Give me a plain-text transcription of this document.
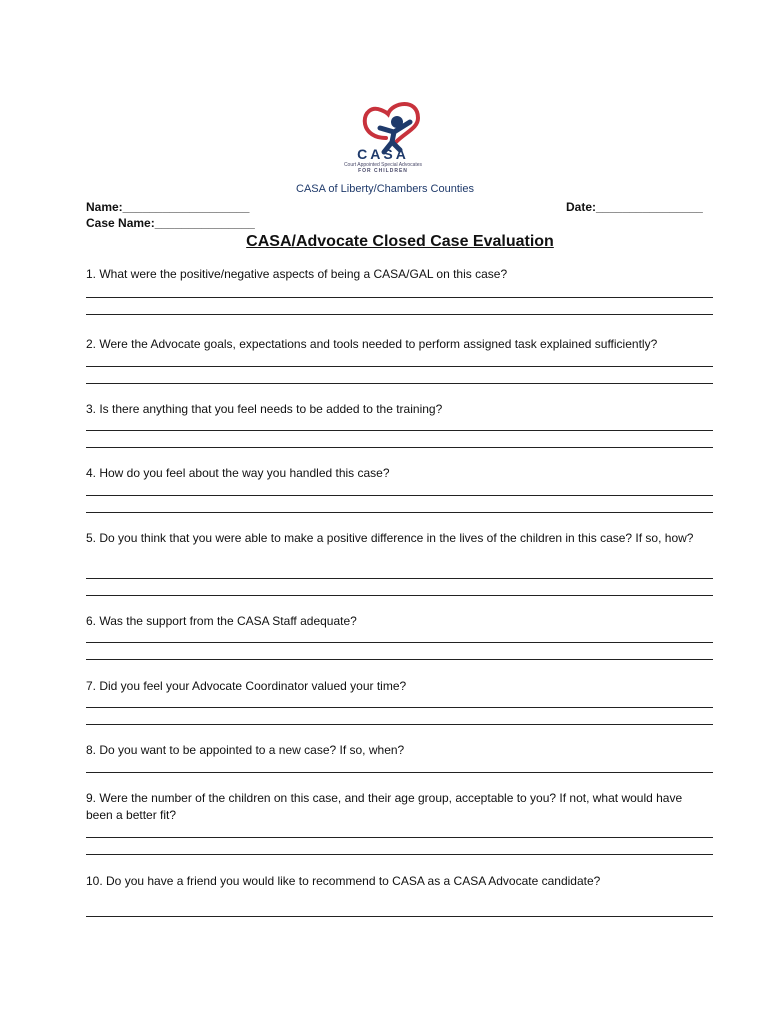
CASA
Court Appointed Special Advocates
FOR CHILDREN
CASA of Liberty/Chambers Counties
Name:___________________
Case Name:_______________
Date:________________
CASA/Advocate Closed Case Evaluation
1. What were the positive/negative aspects of being a CASA/GAL on this case?
2. Were the Advocate goals, expectations and tools needed to perform assigned task explained sufficiently?
3. Is there anything that you feel needs to be added to the training?
4. How do you feel about the way you handled this case?
5. Do you think that you were able to make a positive difference in the lives of the children in this case? If so, how?
6. Was the support from the CASA Staff adequate?
7. Did you feel your Advocate Coordinator valued your time?
8. Do you want to be appointed to a new case? If so, when?
9. Were the number of the children on this case, and their age group, acceptable to you? If not, what would have been a better fit?
10. Do you have a friend you would like to recommend to CASA as a CASA Advocate candidate?
